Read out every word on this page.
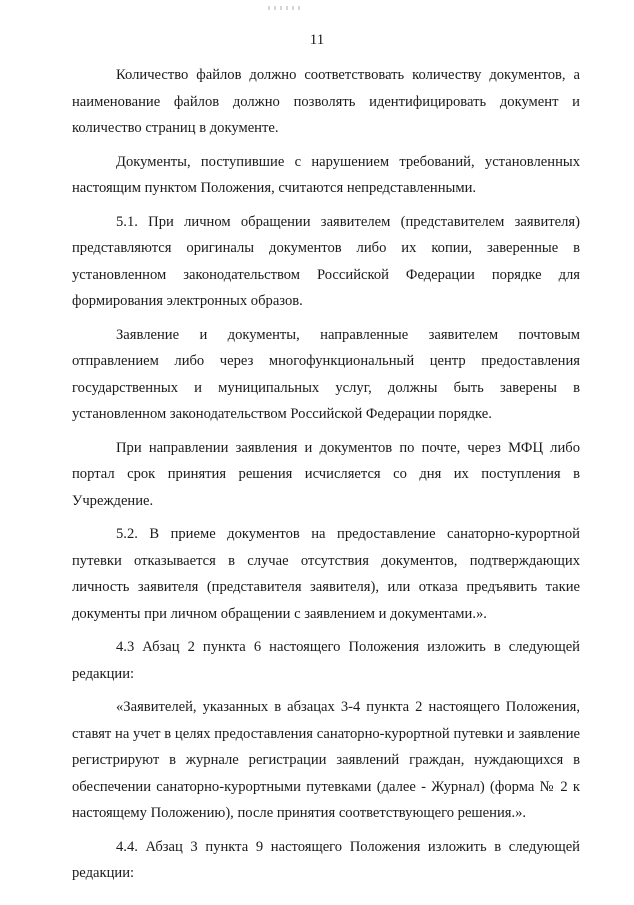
11

Количество файлов должно соответствовать количеству документов, а наименование файлов должно позволять идентифицировать документ и количество страниц в документе.

Документы, поступившие с нарушением требований, установленных настоящим пунктом Положения, считаются непредставленными.

5.1. При личном обращении заявителем (представителем заявителя) представляются оригиналы документов либо их копии, заверенные в установленном законодательством Российской Федерации порядке для формирования электронных образов.

Заявление и документы, направленные заявителем почтовым отправлением либо через многофункциональный центр предоставления государственных и муниципальных услуг, должны быть заверены в установленном законодательством Российской Федерации порядке.

При направлении заявления и документов по почте, через МФЦ либо портал срок принятия решения исчисляется со дня их поступления в Учреждение.

5.2. В приеме документов на предоставление санаторно-курортной путевки отказывается в случае отсутствия документов, подтверждающих личность заявителя (представителя заявителя), или отказа предъявить такие документы при личном обращении с заявлением и документами.».

4.3 Абзац 2 пункта 6 настоящего Положения изложить в следующей редакции:

«Заявителей, указанных в абзацах 3-4 пункта 2 настоящего Положения, ставят на учет в целях предоставления санаторно-курортной путевки и заявление регистрируют в журнале регистрации заявлений граждан, нуждающихся в обеспечении санаторно-курортными путевками (далее - Журнал) (форма № 2 к настоящему Положению), после принятия соответствующего решения.».

4.4. Абзац 3 пункта 9 настоящего Положения изложить в следующей редакции:
